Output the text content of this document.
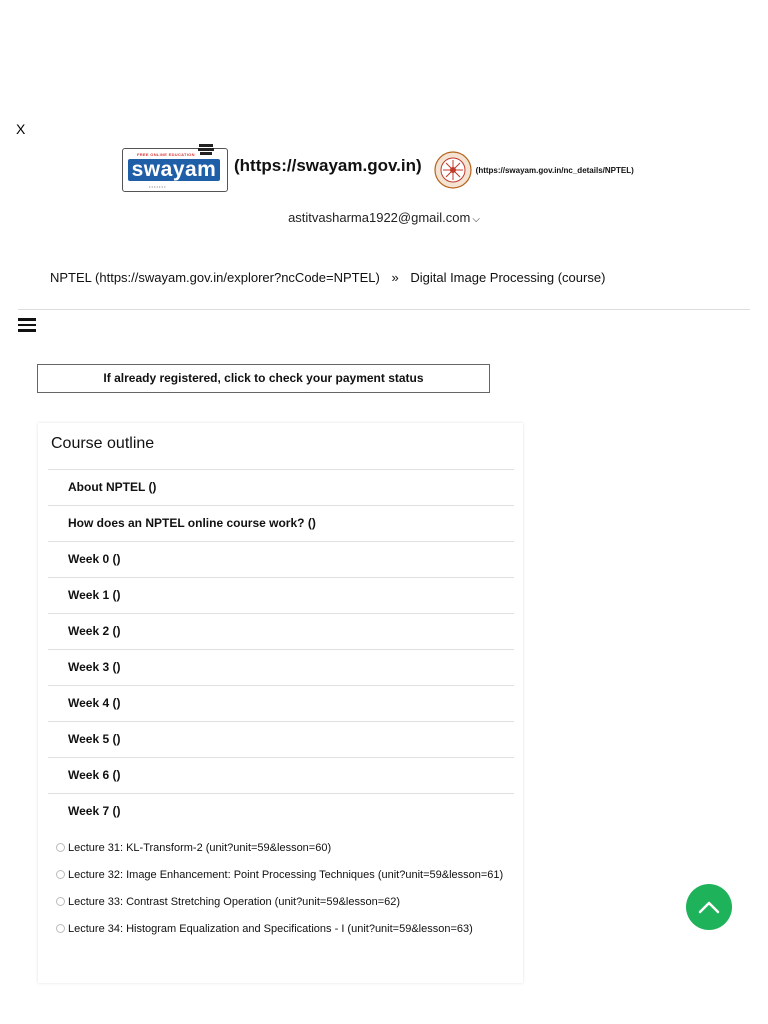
X
FREE ONLINE EDUCATION
swayam
• • • • • • •
(https://swayam.gov.in)	(https://swayam.gov.in/nc_details/NPTEL)
astitvasharma1922@gmail.com ⌵
NPTEL (https://swayam.gov.in/explorer?ncCode=NPTEL) » Digital Image Processing (course)
If already registered, click to check your payment status
Course outline
About NPTEL ()
How does an NPTEL online course work? ()
Week 0 ()
Week 1 ()
Week 2 ()
Week 3 ()
Week 4 ()
Week 5 ()
Week 6 ()
Week 7 ()
Lecture 31: KL-Transform-2 (unit?unit=59&lesson=60)
Lecture 32: Image Enhancement: Point Processing Techniques (unit?unit=59&lesson=61)
Lecture 33: Contrast Stretching Operation (unit?unit=59&lesson=62)
Lecture 34: Histogram Equalization and Specifications - I (unit?unit=59&lesson=63)
